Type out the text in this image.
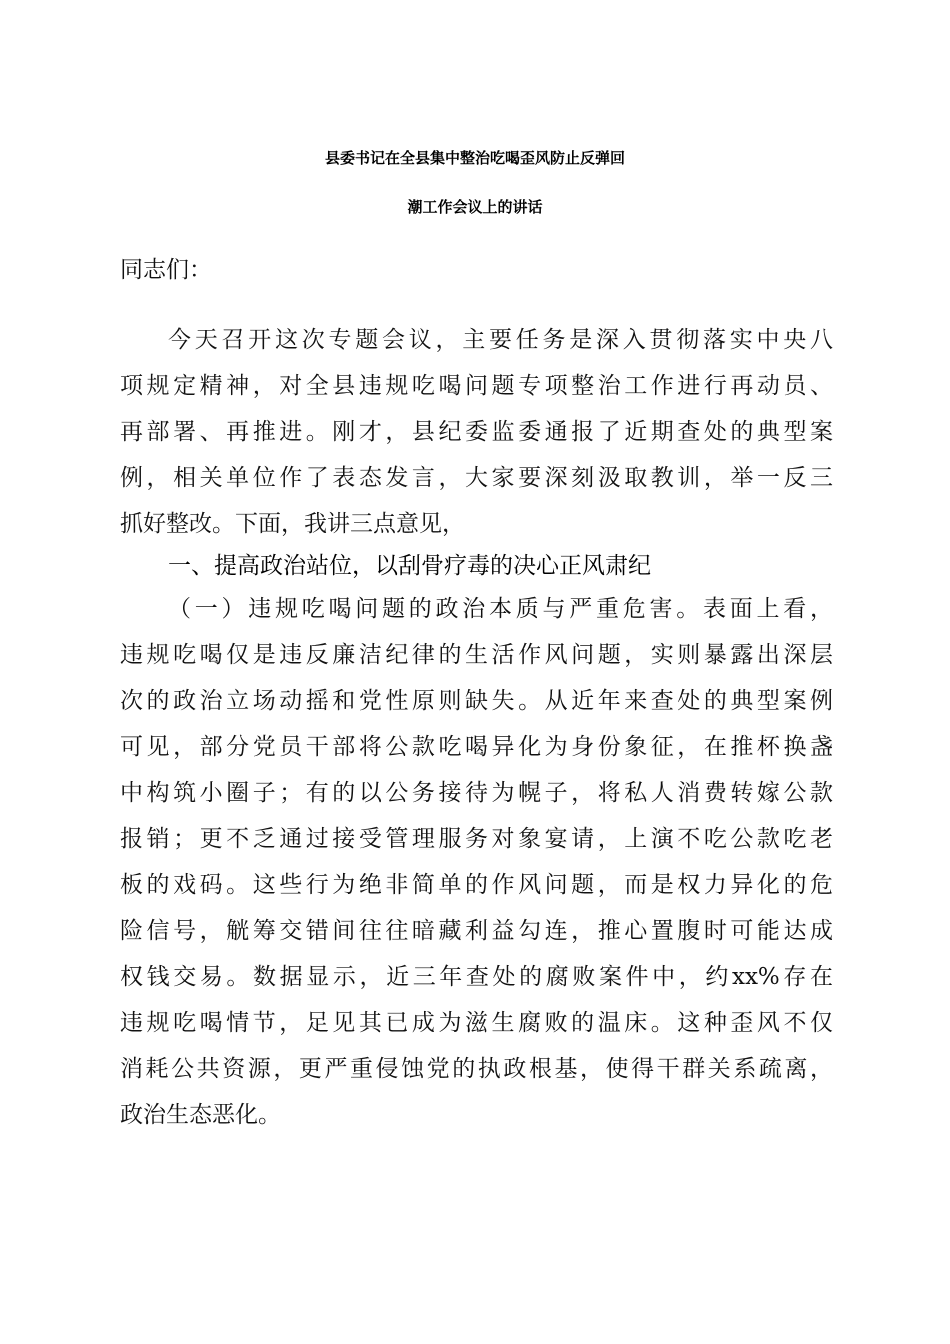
县委书记在全县集中整治吃喝歪风防止反弹回
潮工作会议上的讲话
同志们：
今天召开这次专题会议，主要任务是深入贯彻落实中央八
项规定精神，对全县违规吃喝问题专项整治工作进行再动员、
再部署、再推进。刚才，县纪委监委通报了近期查处的典型案
例，相关单位作了表态发言，大家要深刻汲取教训，举一反三
抓好整改。下面，我讲三点意见，
一、提高政治站位，以刮骨疗毒的决心正风肃纪
（一）违规吃喝问题的政治本质与严重危害。表面上看，
违规吃喝仅是违反廉洁纪律的生活作风问题，实则暴露出深层
次的政治立场动摇和党性原则缺失。从近年来查处的典型案例
可见，部分党员干部将公款吃喝异化为身份象征，在推杯换盏
中构筑小圈子；有的以公务接待为幌子，将私人消费转嫁公款
报销；更不乏通过接受管理服务对象宴请，上演不吃公款吃老
板的戏码。这些行为绝非简单的作风问题，而是权力异化的危
险信号，觥筹交错间往往暗藏利益勾连，推心置腹时可能达成
权钱交易。数据显示，近三年查处的腐败案件中，约xx%存在
违规吃喝情节，足见其已成为滋生腐败的温床。这种歪风不仅
消耗公共资源，更严重侵蚀党的执政根基，使得干群关系疏离，
政治生态恶化。
